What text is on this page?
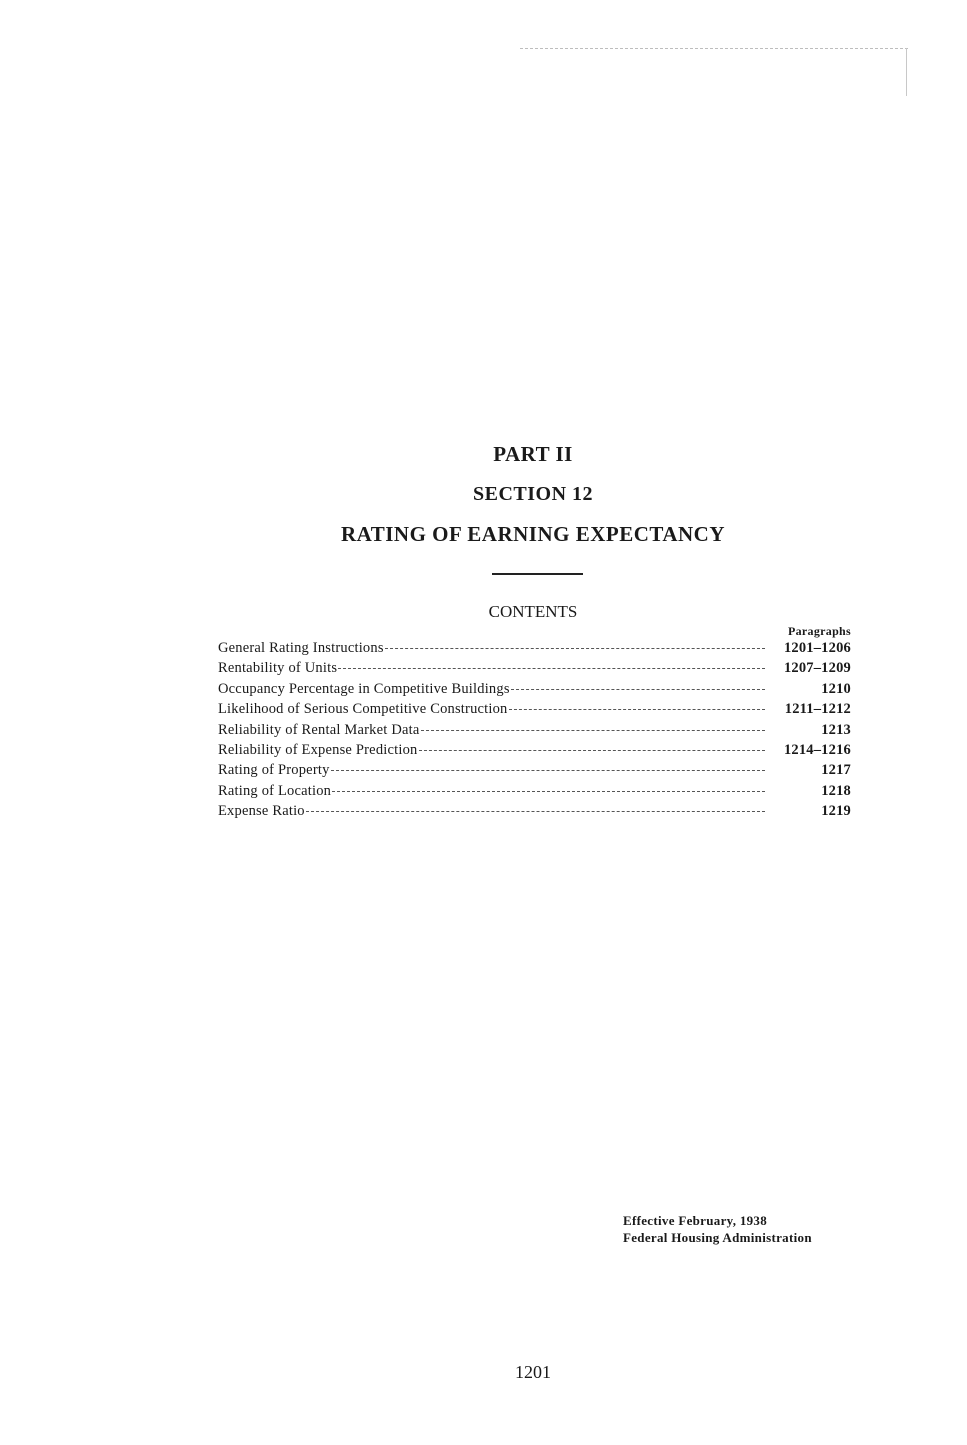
PART II
SECTION 12
RATING OF EARNING EXPECTANCY
CONTENTS
Paragraphs
General Rating Instructions	1201–1206
Rentability of Units	1207–1209
Occupancy Percentage in Competitive Buildings	1210
Likelihood of Serious Competitive Construction	1211–1212
Reliability of Rental Market Data	1213
Reliability of Expense Prediction	1214–1216
Rating of Property	1217
Rating of Location	1218
Expense Ratio	1219
Effective February, 1938
Federal Housing Administration
1201
